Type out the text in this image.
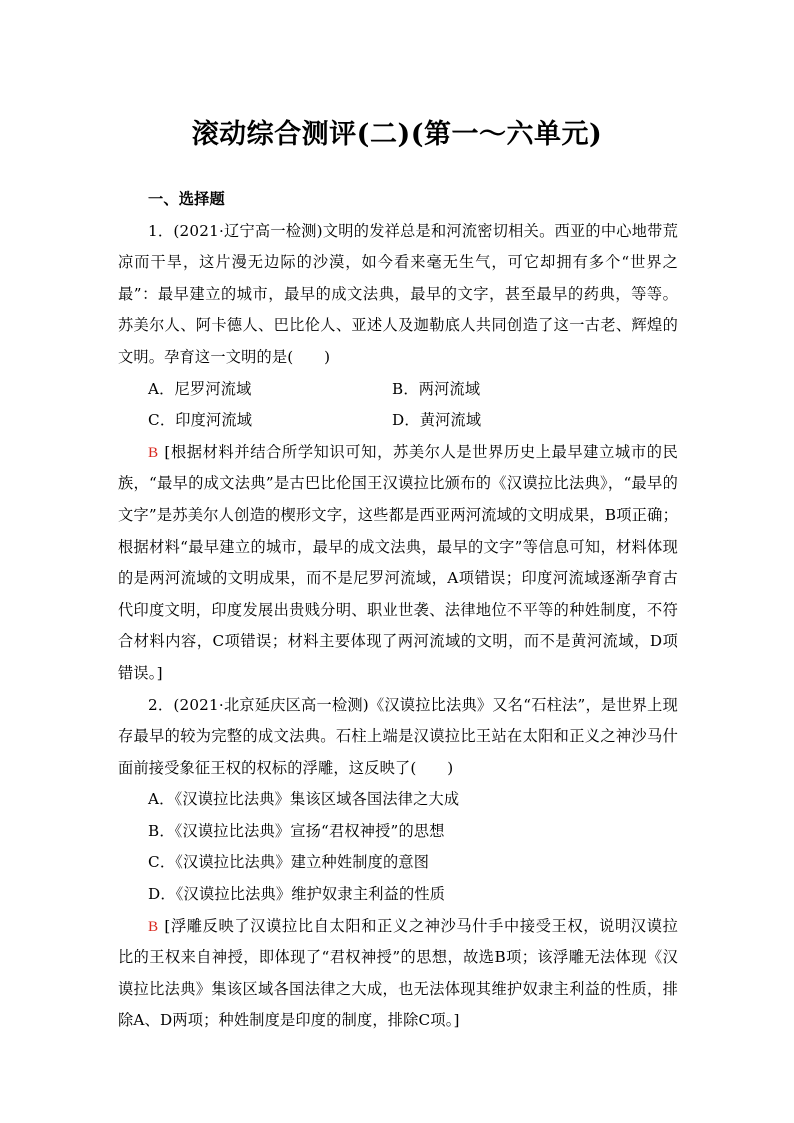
滚动综合测评(二)(第一～六单元)

一、选择题

1．(2021·辽宁高一检测)文明的发祥总是和河流密切相关。西亚的中心地带荒凉而干旱，这片漫无边际的沙漠，如今看来毫无生气，可它却拥有多个“世界之最”：最早建立的城市，最早的成文法典，最早的文字，甚至最早的药典，等等。苏美尔人、阿卡德人、巴比伦人、亚述人及迦勒底人共同创造了这一古老、辉煌的文明。孕育这一文明的是(　　)

A．尼罗河流域	B．两河流域
C．印度河流域	D．黄河流域

B [根据材料并结合所学知识可知，苏美尔人是世界历史上最早建立城市的民族，“最早的成文法典”是古巴比伦国王汉谟拉比颁布的《汉谟拉比法典》，“最早的文字”是苏美尔人创造的楔形文字，这些都是西亚两河流域的文明成果，B项正确；根据材料“最早建立的城市，最早的成文法典，最早的文字”等信息可知，材料体现的是两河流域的文明成果，而不是尼罗河流域，A项错误；印度河流域逐渐孕育古代印度文明，印度发展出贵贱分明、职业世袭、法律地位不平等的种姓制度，不符合材料内容，C项错误；材料主要体现了两河流域的文明，而不是黄河流域，D项错误。]

2．(2021·北京延庆区高一检测)《汉谟拉比法典》又名“石柱法”，是世界上现存最早的较为完整的成文法典。石柱上端是汉谟拉比王站在太阳和正义之神沙马什面前接受象征王权的权标的浮雕，这反映了(　　)

A．《汉谟拉比法典》集该区域各国法律之大成

B．《汉谟拉比法典》宣扬“君权神授”的思想

C．《汉谟拉比法典》建立种姓制度的意图

D．《汉谟拉比法典》维护奴隶主利益的性质

B [浮雕反映了汉谟拉比自太阳和正义之神沙马什手中接受王权，说明汉谟拉比的王权来自神授，即体现了“君权神授”的思想，故选B项；该浮雕无法体现《汉谟拉比法典》集该区域各国法律之大成，也无法体现其维护奴隶主利益的性质，排除A、D两项；种姓制度是印度的制度，排除C项。]
